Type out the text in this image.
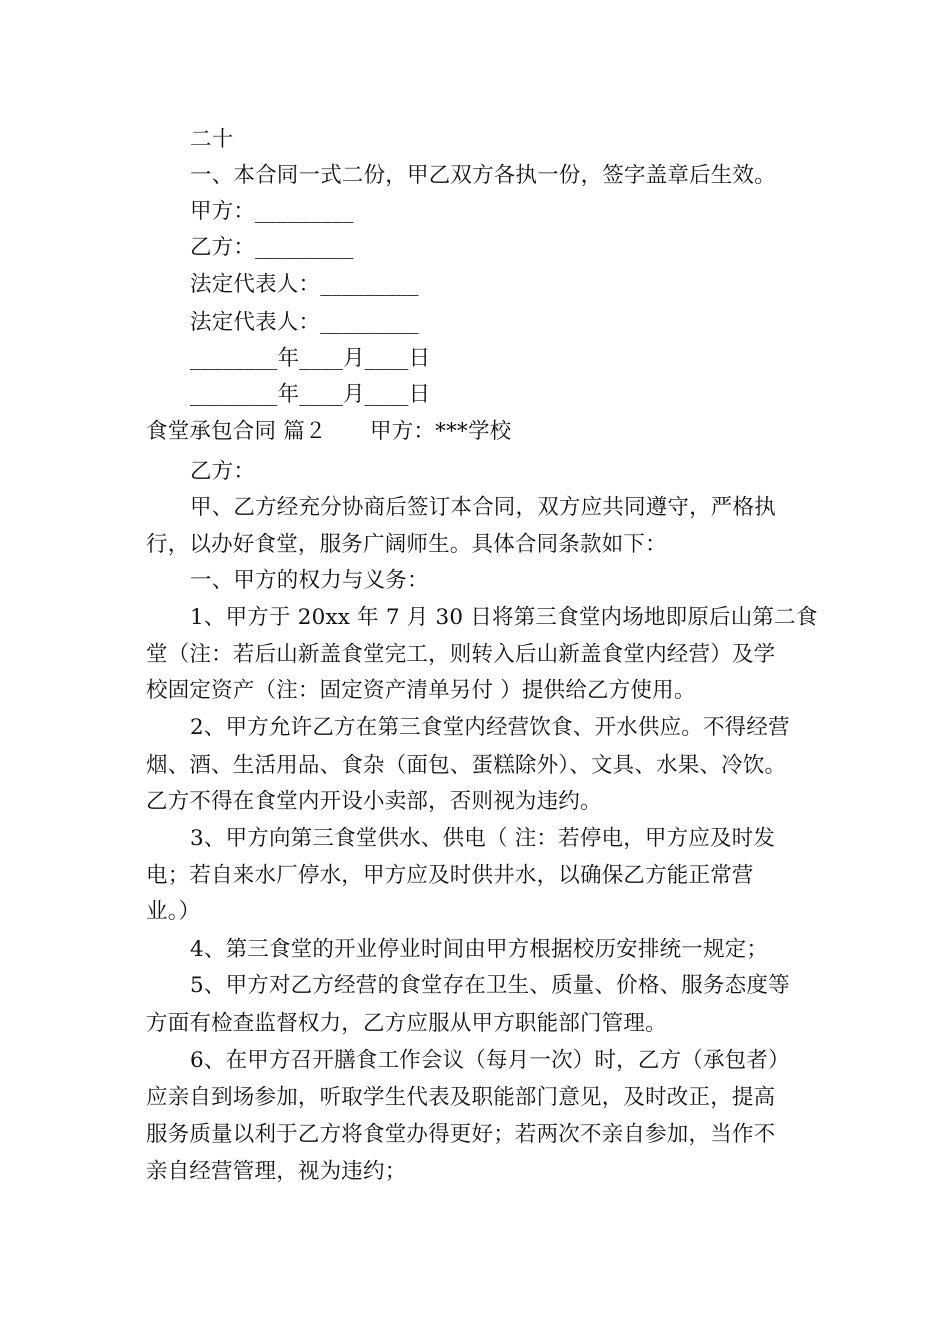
二十
一、本合同一式二份，甲乙双方各执一份，签字盖章后生效。
甲方：_________
乙方：_________
法定代表人：_________
法定代表人：_________
________年____月____日
________年____月____日
食堂承包合同 篇２　　甲方：***学校
乙方：
甲、乙方经充分协商后签订本合同，双方应共同遵守，严格执
行，以办好食堂，服务广阔师生。具体合同条款如下：
一、甲方的权力与义务：
1、甲方于 20xx 年 7 月 30 日将第三食堂内场地即原后山第二食
堂（注：若后山新盖食堂完工，则转入后山新盖食堂内经营）及学
校固定资产（注：固定资产清单另付 ）提供给乙方使用。
2、甲方允许乙方在第三食堂内经营饮食、开水供应。不得经营
烟、酒、生活用品、食杂（面包、蛋糕除外）、文具、水果、冷饮。
乙方不得在食堂内开设小卖部，否则视为违约。
3、甲方向第三食堂供水、供电（ 注：若停电，甲方应及时发
电；若自来水厂停水，甲方应及时供井水，以确保乙方能正常营
业。）
4、第三食堂的开业停业时间由甲方根据校历安排统一规定；
5、甲方对乙方经营的食堂存在卫生、质量、价格、服务态度等
方面有检查监督权力，乙方应服从甲方职能部门管理。
6、在甲方召开膳食工作会议（每月一次）时，乙方（承包者）
应亲自到场参加，听取学生代表及职能部门意见，及时改正，提高
服务质量以利于乙方将食堂办得更好；若两次不亲自参加，当作不
亲自经营管理，视为违约；
